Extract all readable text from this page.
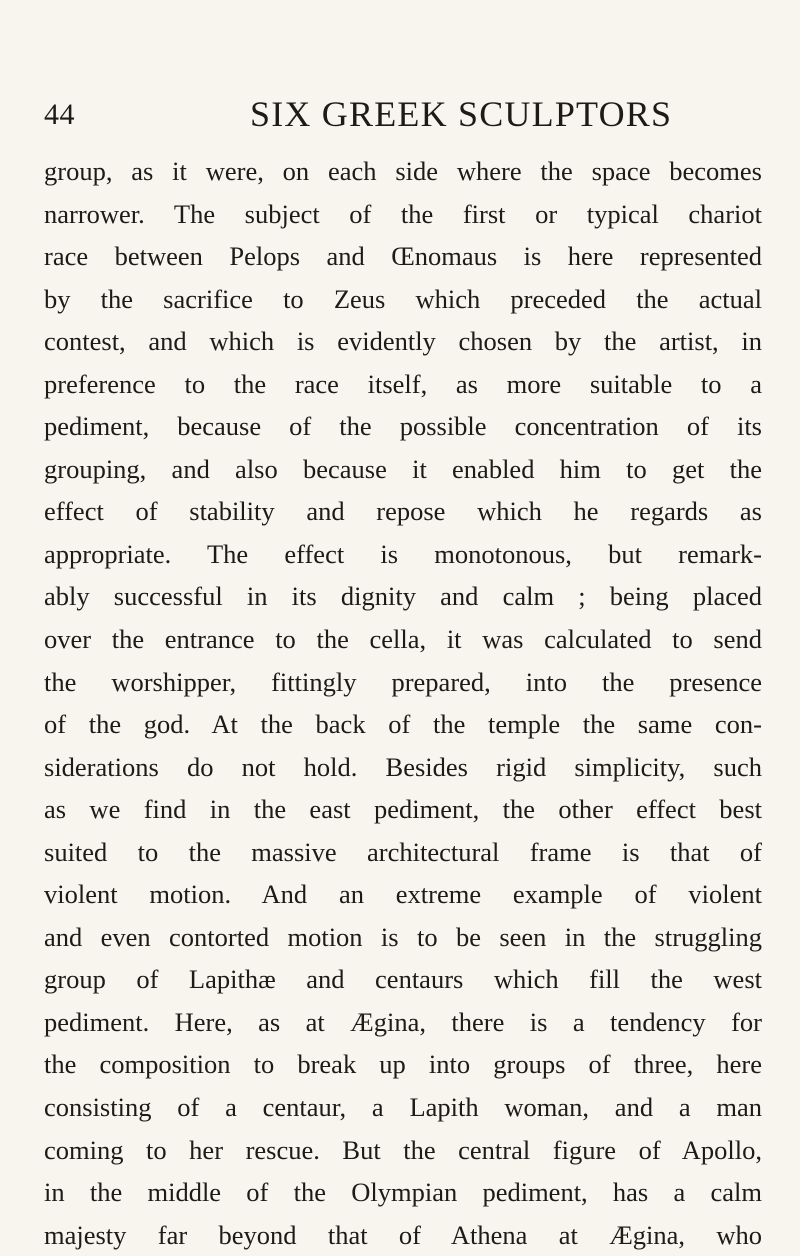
44	SIX GREEK SCULPTORS
group, as it were, on each side where the space becomes
narrower. The subject of the first or typical chariot
race between Pelops and Œnomaus is here represented
by the sacrifice to Zeus which preceded the actual
contest, and which is evidently chosen by the artist, in
preference to the race itself, as more suitable to a
pediment, because of the possible concentration of its
grouping, and also because it enabled him to get the
effect of stability and repose which he regards as
appropriate. The effect is monotonous, but remark-
ably successful in its dignity and calm ; being placed
over the entrance to the cella, it was calculated to send
the worshipper, fittingly prepared, into the presence
of the god. At the back of the temple the same con-
siderations do not hold. Besides rigid simplicity, such
as we find in the east pediment, the other effect best
suited to the massive architectural frame is that of
violent motion. And an extreme example of violent
and even contorted motion is to be seen in the struggling
group of Lapithæ and centaurs which fill the west
pediment. Here, as at Ægina, there is a tendency for
the composition to break up into groups of three, here
consisting of a centaur, a Lapith woman, and a man
coming to her rescue. But the central figure of Apollo,
in the middle of the Olympian pediment, has a calm
majesty far beyond that of Athena at Ægina, who
